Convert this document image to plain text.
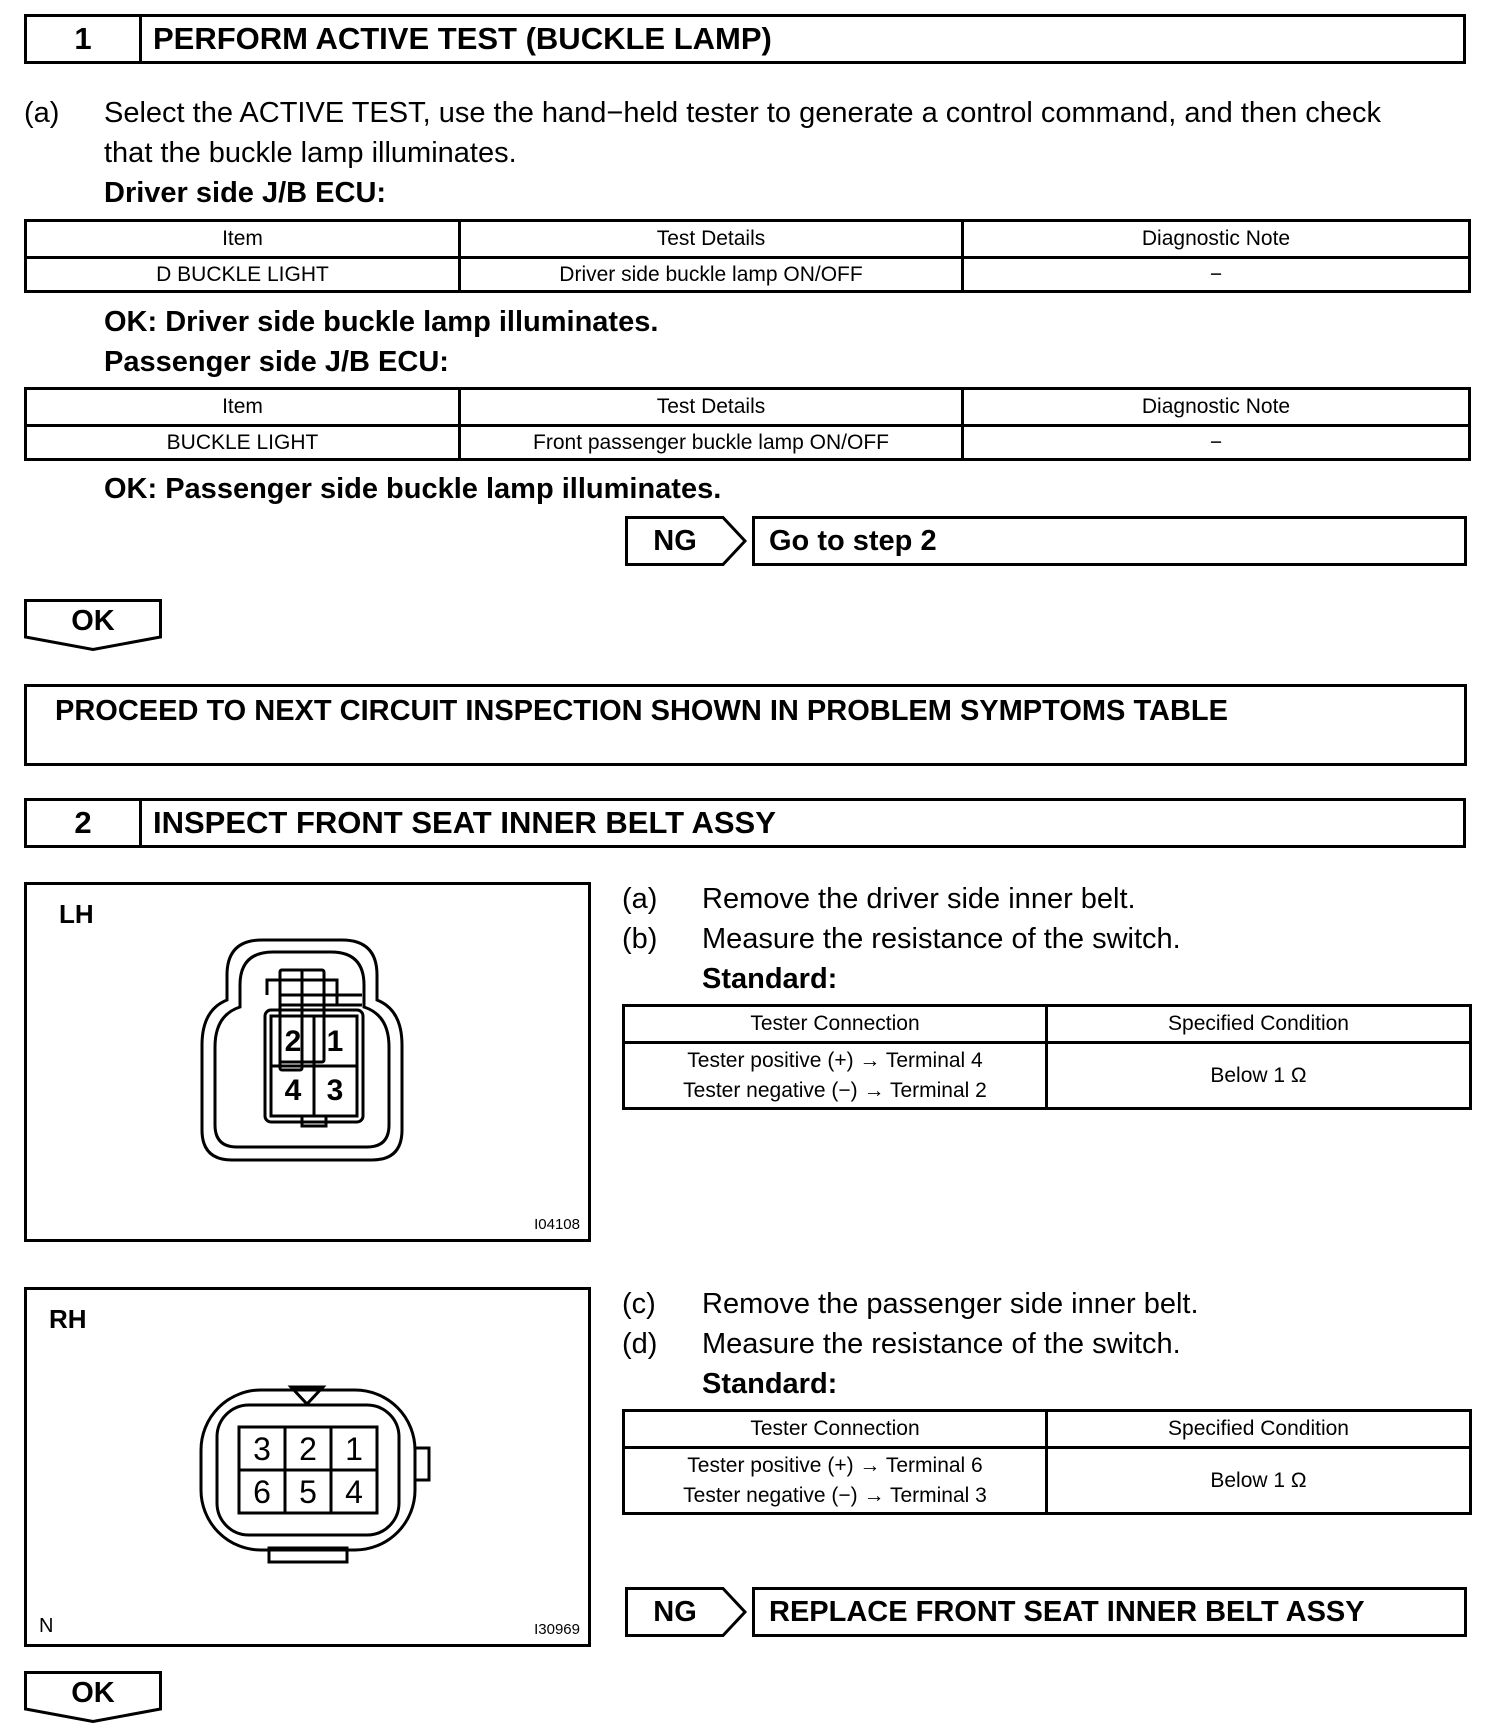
1	PERFORM ACTIVE TEST (BUCKLE LAMP)
(a) Select the ACTIVE TEST, use the hand−held tester to generate a control command, and then check
that the buckle lamp illuminates.
Driver side J/B ECU:
Item	Test Details	Diagnostic Note
D BUCKLE LIGHT	Driver side buckle lamp ON/OFF	−
OK: Driver side buckle lamp illuminates.
Passenger side J/B ECU:
Item	Test Details	Diagnostic Note
BUCKLE LIGHT	Front passenger buckle lamp ON/OFF	−
OK: Passenger side buckle lamp illuminates.
NG	Go to step 2
OK
PROCEED TO NEXT CIRCUIT INSPECTION SHOWN IN PROBLEM SYMPTOMS TABLE
2	INSPECT FRONT SEAT INNER BELT ASSY
LH
2 1
4 3
I04108
(a) Remove the driver side inner belt.
(b) Measure the resistance of the switch.
Standard:
Tester Connection	Specified Condition

Tester positive (+) → Terminal 4
Tester negative (−) → Terminal 2	Below 1 Ω
RH
3 2 1
6 5 4
N	I30969
(c) Remove the passenger side inner belt.
(d) Measure the resistance of the switch.
Standard:
Tester Connection	Specified Condition

Tester positive (+) → Terminal 6
Tester negative (−) → Terminal 3	Below 1 Ω
NG	REPLACE FRONT SEAT INNER BELT ASSY
OK
